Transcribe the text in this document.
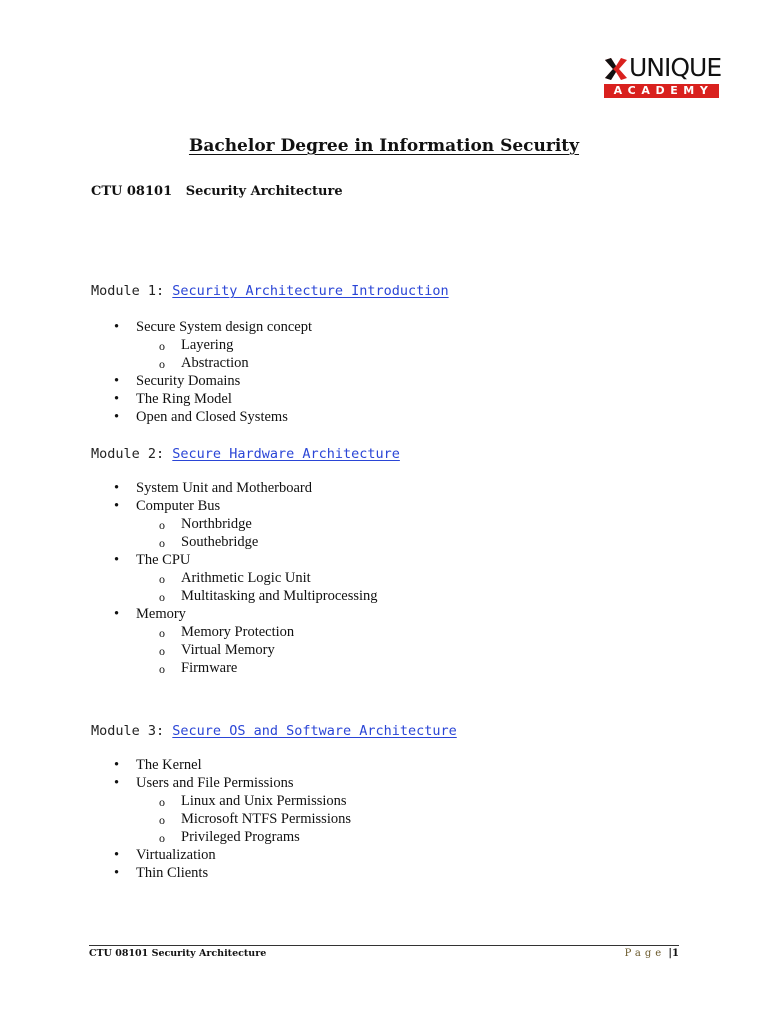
UNIQUE
ACADEMY
Bachelor Degree in Information Security
CTU 08101 Security Architecture
Module 1: Security Architecture Introduction
• Secure System design concept
o Layering
o Abstraction
• Security Domains
• The Ring Model
• Open and Closed Systems
Module 2: Secure Hardware Architecture
• System Unit and Motherboard
• Computer Bus
o Northbridge
o Southebridge
• The CPU
o Arithmetic Logic Unit
o Multitasking and Multiprocessing
• Memory
o Memory Protection
o Virtual Memory
o Firmware
Module 3: Secure OS and Software Architecture
• The Kernel
• Users and File Permissions
o Linux and Unix Permissions
o Microsoft NTFS Permissions
o Privileged Programs
• Virtualization
• Thin Clients
CTU 08101 Security Architecture	Page |1
